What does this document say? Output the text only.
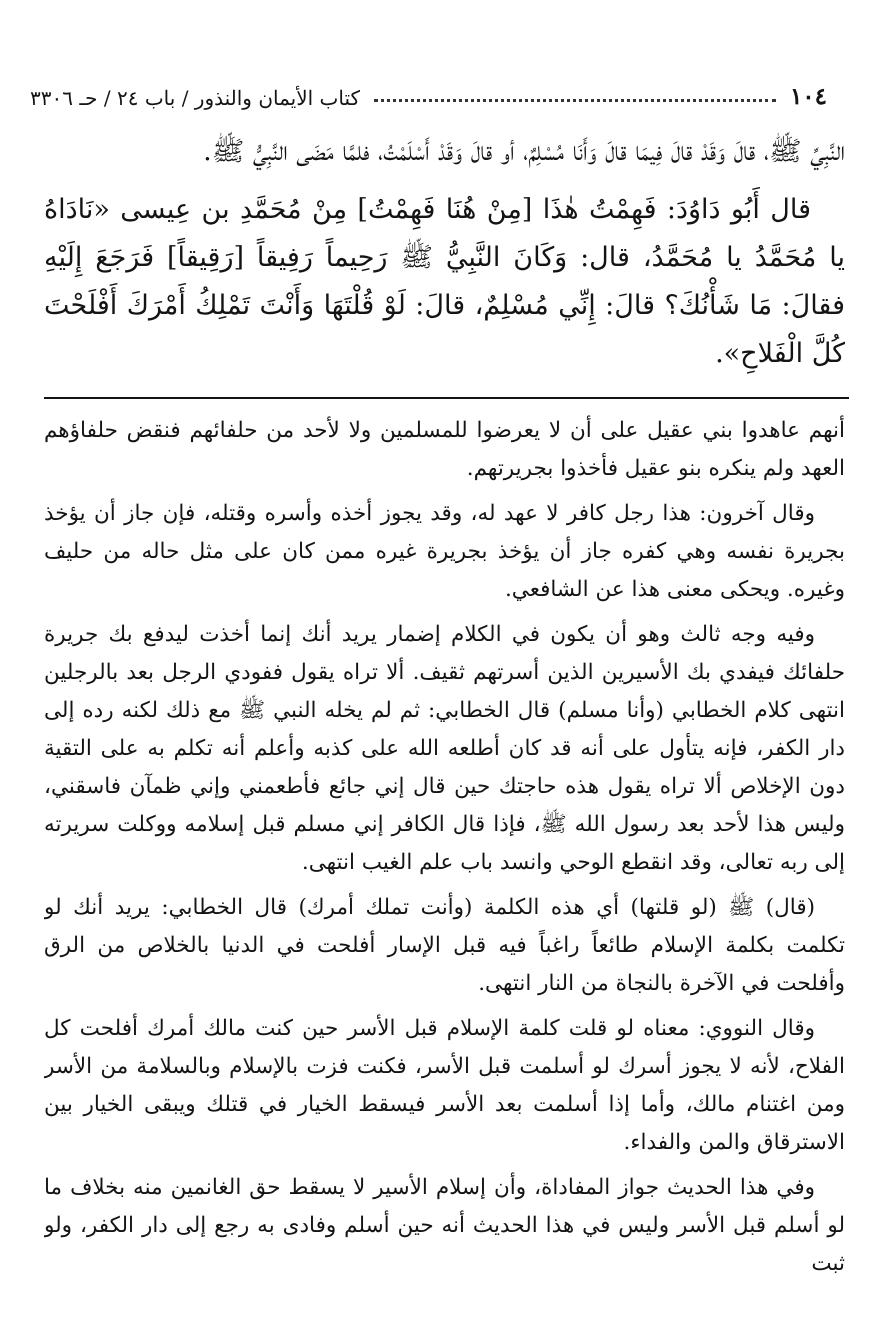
١٠٤
كتاب الأيمان والنذور / باب ٢٤ / حـ ٣٣٠٦

النَّبِيِّ ﷺ، قالَ وَقَدْ قالَ فِيمَا قالَ وَأَنَا مُسْلِمٌ، أو قالَ وَقَدْ أَسْلَمْتُ، فلمَّا مَضَى النَّبِيُّ ﷺ.

قال أَبُو دَاوُدَ: فَهِمْتُ هٰذَا [مِنْ هُنَا فَهِمْتُ] مِنْ مُحَمَّدِ بن عِيسى «نَادَاهُ يا مُحَمَّدُ يا مُحَمَّدُ، قال: وَكَانَ النَّبِيُّ ﷺ رَحِيماً رَفِيقاً [رَقِيقاً] فَرَجَعَ إِلَيْهِ فقالَ: مَا شَأْنُكَ؟ قالَ: إِنِّي مُسْلِمٌ، قالَ: لَوْ قُلْتَهَا وَأَنْتَ تَمْلِكُ أَمْرَكَ أَفْلَحْتَ كُلَّ الْفَلاحِ».

أنهم عاهدوا بني عقيل على أن لا يعرضوا للمسلمين ولا لأحد من حلفائهم فنقض حلفاؤهم العهد ولم ينكره بنو عقيل فأخذوا بجريرتهم.

وقال آخرون: هذا رجل كافر لا عهد له، وقد يجوز أخذه وأسره وقتله، فإن جاز أن يؤخذ بجريرة نفسه وهي كفره جاز أن يؤخذ بجريرة غيره ممن كان على مثل حاله من حليف وغيره. ويحكى معنى هذا عن الشافعي.

وفيه وجه ثالث وهو أن يكون في الكلام إضمار يريد أنك إنما أخذت ليدفع بك جريرة حلفائك فيفدي بك الأسيرين الذين أسرتهم ثقيف. ألا تراه يقول ففودي الرجل بعد بالرجلين انتهى كلام الخطابي (وأنا مسلم) قال الخطابي: ثم لم يخله النبي ﷺ مع ذلك لكنه رده إلى دار الكفر، فإنه يتأول على أنه قد كان أطلعه الله على كذبه وأعلم أنه تكلم به على التقية دون الإخلاص ألا تراه يقول هذه حاجتك حين قال إني جائع فأطعمني وإني ظمآن فاسقني، وليس هذا لأحد بعد رسول الله ﷺ، فإذا قال الكافر إني مسلم قبل إسلامه ووكلت سريرته إلى ربه تعالى، وقد انقطع الوحي وانسد باب علم الغيب انتهى.

(قال) ﷺ (لو قلتها) أي هذه الكلمة (وأنت تملك أمرك) قال الخطابي: يريد أنك لو تكلمت بكلمة الإسلام طائعاً راغباً فيه قبل الإسار أفلحت في الدنيا بالخلاص من الرق وأفلحت في الآخرة بالنجاة من النار انتهى.

وقال النووي: معناه لو قلت كلمة الإسلام قبل الأسر حين كنت مالك أمرك أفلحت كل الفلاح، لأنه لا يجوز أسرك لو أسلمت قبل الأسر، فكنت فزت بالإسلام وبالسلامة من الأسر ومن اغتنام مالك، وأما إذا أسلمت بعد الأسر فيسقط الخيار في قتلك ويبقى الخيار بين الاسترقاق والمن والفداء.

وفي هذا الحديث جواز المفاداة، وأن إسلام الأسير لا يسقط حق الغانمين منه بخلاف ما لو أسلم قبل الأسر وليس في هذا الحديث أنه حين أسلم وفادى به رجع إلى دار الكفر، ولو ثبت
